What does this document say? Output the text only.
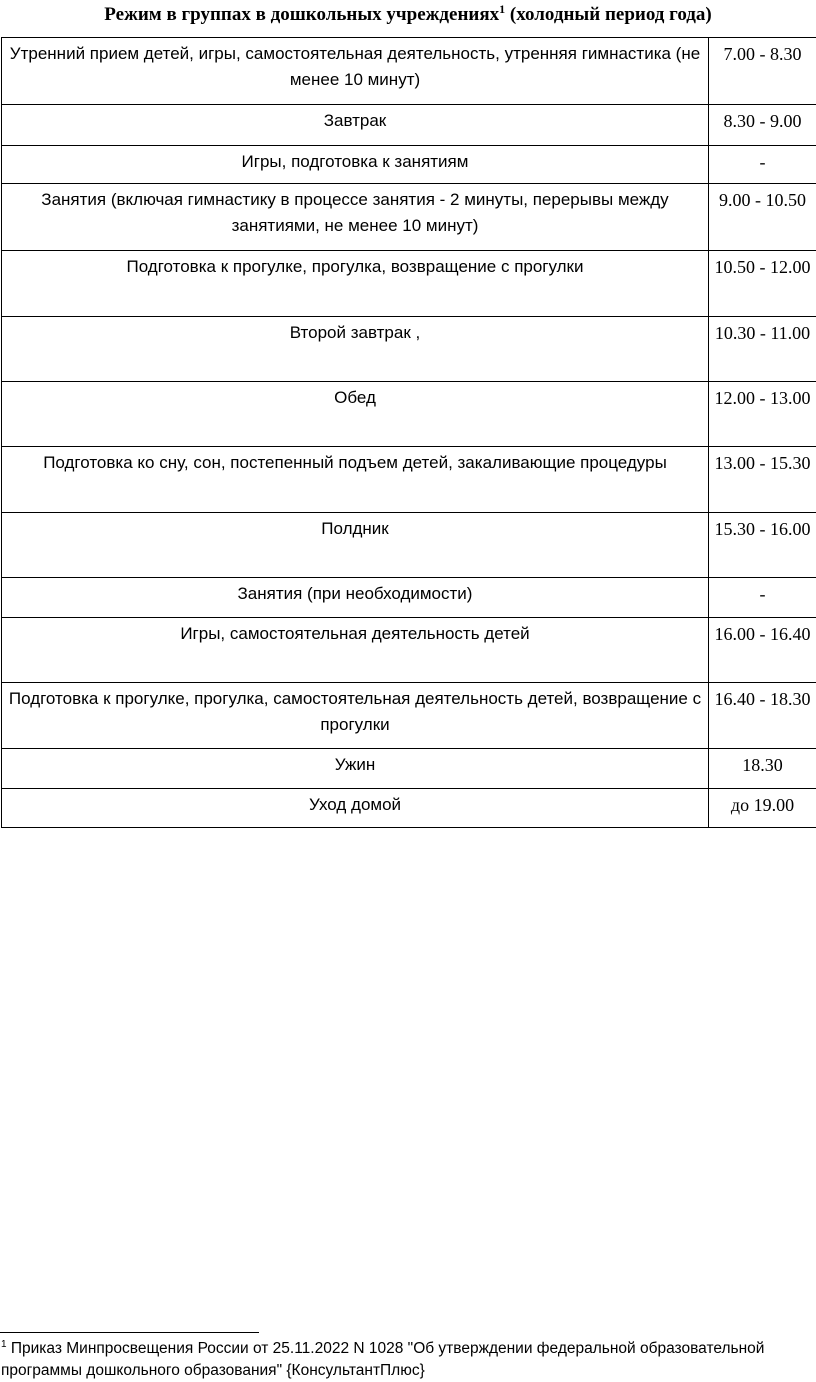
Режим в группах в дошкольных учреждениях$^1$ (холодный период года)
Утренний прием детей, игры, самостоятельная деятельность, утренняя гимнастика (не менее 10 минут)	7.00 - 8.30
Завтрак	8.30 - 9.00
Игры, подготовка к занятиям	-
Занятия (включая гимнастику в процессе занятия - 2 минуты, перерывы между занятиями, не менее 10 минут)	9.00 - 10.50
Подготовка к прогулке, прогулка, возвращение с прогулки	10.50 - 12.00
Второй завтрак ,	10.30 - 11.00
Обед	12.00 - 13.00
Подготовка ко сну, сон, постепенный подъем детей, закаливающие процедуры	13.00 - 15.30
Полдник	15.30 - 16.00
Занятия (при необходимости)	-
Игры, самостоятельная деятельность детей	16.00 - 16.40
Подготовка к прогулке, прогулка, самостоятельная деятельность детей, возвращение с прогулки	16.40 - 18.30
Ужин	18.30
Уход домой	до 19.00
$^1$ Приказ Минпросвещения России от 25.11.2022 N 1028 "Об утверждении федеральной образовательной программы дошкольного образования" {КонсультантПлюс}
